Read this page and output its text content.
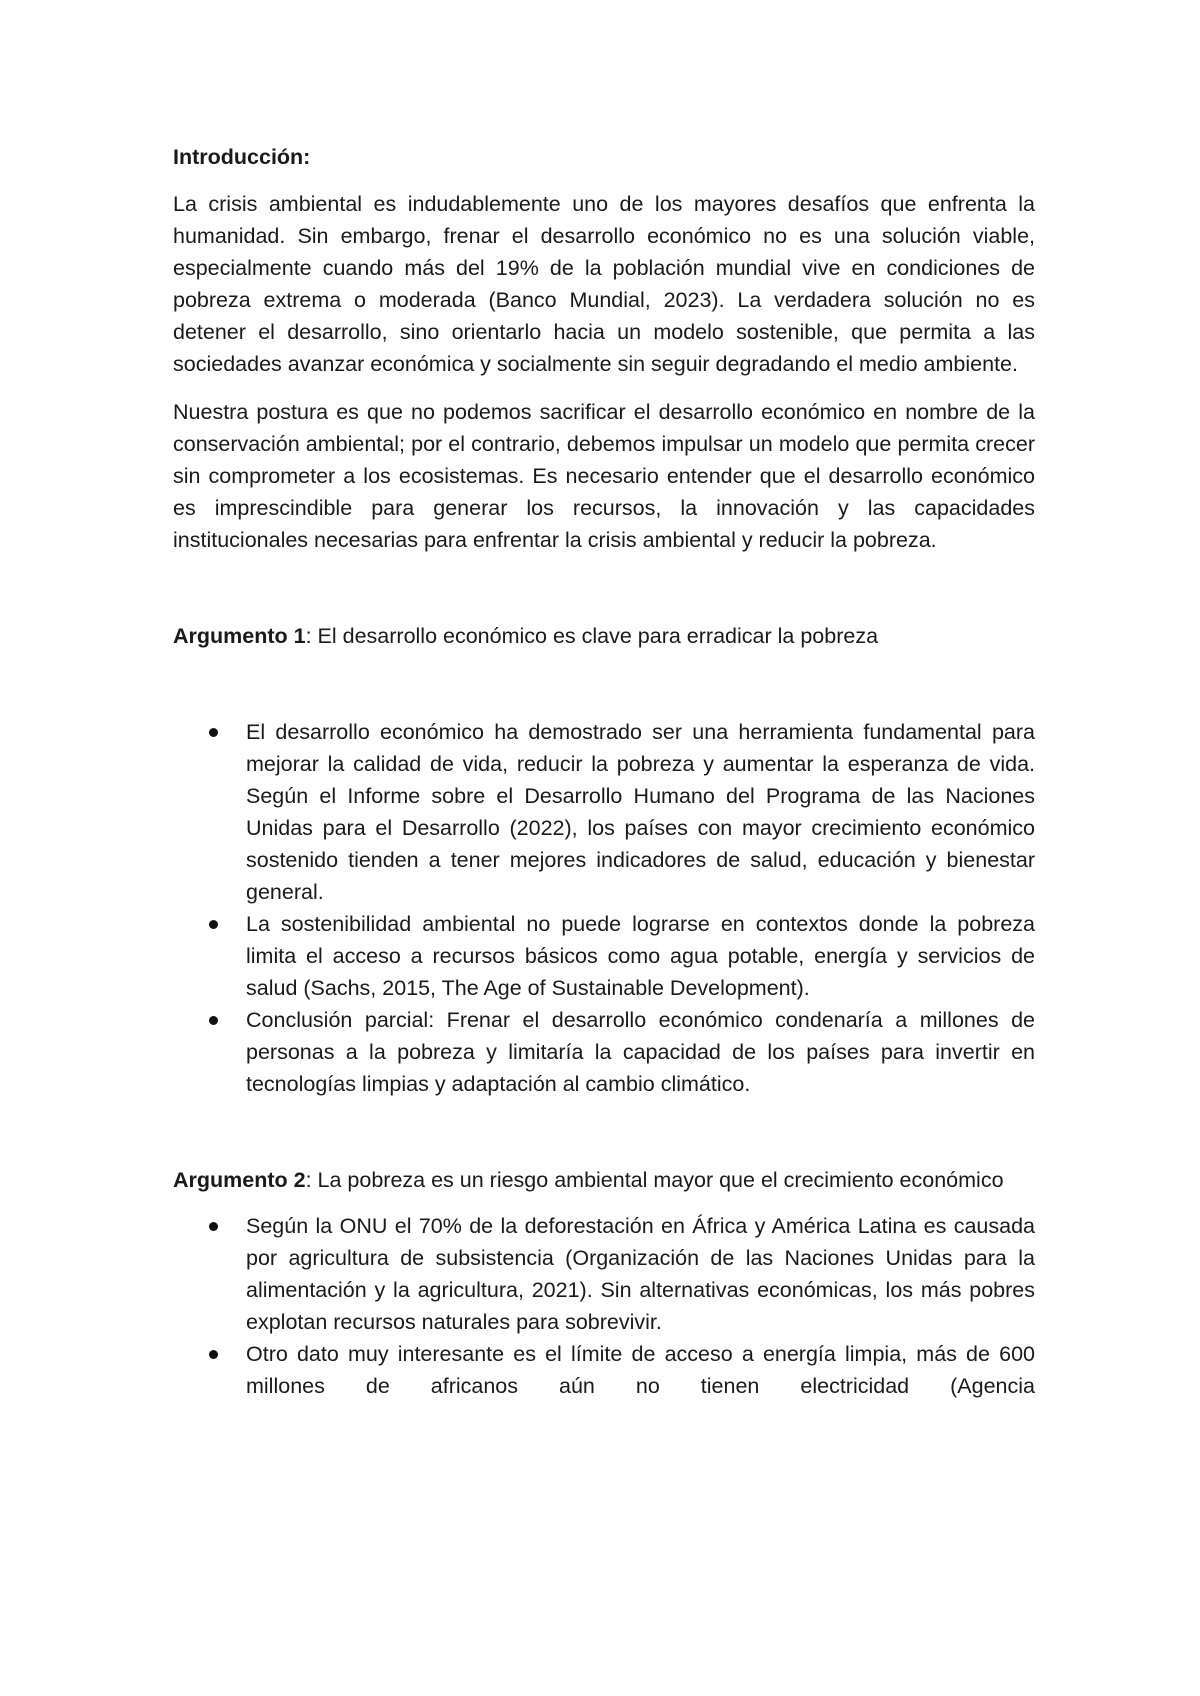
Introducción:

La crisis ambiental es indudablemente uno de los mayores desafíos que enfrenta la humanidad. Sin embargo, frenar el desarrollo económico no es una solución viable, especialmente cuando más del 19% de la población mundial vive en condiciones de pobreza extrema o moderada (Banco Mundial, 2023). La verdadera solución no es detener el desarrollo, sino orientarlo hacia un modelo sostenible, que permita a las sociedades avanzar económica y socialmente sin seguir degradando el medio ambiente.

Nuestra postura es que no podemos sacrificar el desarrollo económico en nombre de la conservación ambiental; por el contrario, debemos impulsar un modelo que permita crecer sin comprometer a los ecosistemas. Es necesario entender que el desarrollo económico es imprescindible para generar los recursos, la innovación y las capacidades institucionales necesarias para enfrentar la crisis ambiental y reducir la pobreza.

Argumento 1: El desarrollo económico es clave para erradicar la pobreza

El desarrollo económico ha demostrado ser una herramienta fundamental para mejorar la calidad de vida, reducir la pobreza y aumentar la esperanza de vida. Según el Informe sobre el Desarrollo Humano del Programa de las Naciones Unidas para el Desarrollo (2022), los países con mayor crecimiento económico sostenido tienden a tener mejores indicadores de salud, educación y bienestar general.
La sostenibilidad ambiental no puede lograrse en contextos donde la pobreza limita el acceso a recursos básicos como agua potable, energía y servicios de salud (Sachs, 2015, The Age of Sustainable Development).
Conclusión parcial: Frenar el desarrollo económico condenaría a millones de personas a la pobreza y limitaría la capacidad de los países para invertir en tecnologías limpias y adaptación al cambio climático.

Argumento 2: La pobreza es un riesgo ambiental mayor que el crecimiento económico

Según la ONU el 70% de la deforestación en África y América Latina es causada por agricultura de subsistencia (Organización de las Naciones Unidas para la alimentación y la agricultura, 2021). Sin alternativas económicas, los más pobres explotan recursos naturales para sobrevivir.
Otro dato muy interesante es el límite de acceso a energía limpia, más de 600 millones de africanos aún no tienen electricidad (Agencia
